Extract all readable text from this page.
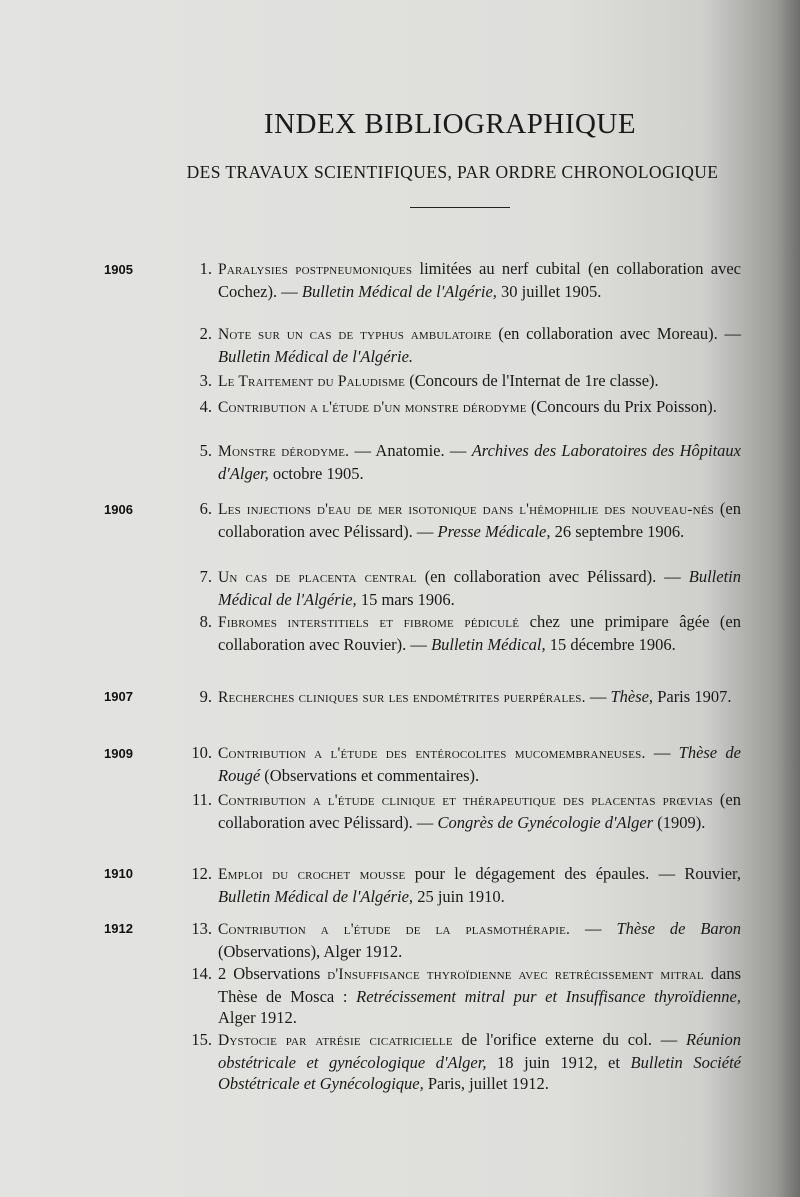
INDEX BIBLIOGRAPHIQUE
DES TRAVAUX SCIENTIFIQUES, PAR ORDRE CHRONOLOGIQUE
1905
1906
1907
1909
1910
1912
1. Paralysies postpneumoniques limitées au nerf cubital (en collaboration avec Cochez). — Bulletin Médical de l'Algérie, 30 juillet 1905.
2. Note sur un cas de typhus ambulatoire (en collaboration avec Moreau). — Bulletin Médical de l'Algérie.
3. Le Traitement du Paludisme (Concours de l'Internat de 1re classe).
4. Contribution a l'étude d'un monstre dérodyme (Concours du Prix Poisson).
5. Monstre dérodyme. — Anatomie. — Archives des Laboratoires des Hôpitaux d'Alger, octobre 1905.
6. Les injections d'eau de mer isotonique dans l'hémophilie des nouveau-nés (en collaboration avec Pélissard). — Presse Médicale, 26 septembre 1906.
7. Un cas de placenta central (en collaboration avec Pélissard). — Bulletin Médical de l'Algérie, 15 mars 1906.
8. Fibromes interstitiels et fibrome pédiculé chez une primipare âgée (en collaboration avec Rouvier). — Bulletin Médical, 15 décembre 1906.
9. Recherches cliniques sur les endométrites puerpérales. — Thèse, Paris 1907.
10. Contribution a l'étude des entérocolites mucomembraneuses. — Thèse de Rougé (Observations et commentaires).
11. Contribution a l'étude clinique et thérapeutique des placentas prœvias (en collaboration avec Pélissard). — Congrès de Gynécologie d'Alger (1909).
12. Emploi du crochet mousse pour le dégagement des épaules. — Rouvier, Bulletin Médical de l'Algérie, 25 juin 1910.
13. Contribution a l'étude de la plasmothérapie. — Thèse de Baron (Observations), Alger 1912.
14. 2 Observations d'Insuffisance thyroïdienne avec retrécissement mitral dans Thèse de Mosca : Retrécissement mitral pur et Insuffisance thyroïdienne, Alger 1912.
15. Dystocie par atrésie cicatricielle de l'orifice externe du col. — Réunion obstétricale et gynécologique d'Alger, 18 juin 1912, et Bulletin Société Obstétricale et Gynécologique, Paris, juillet 1912.
